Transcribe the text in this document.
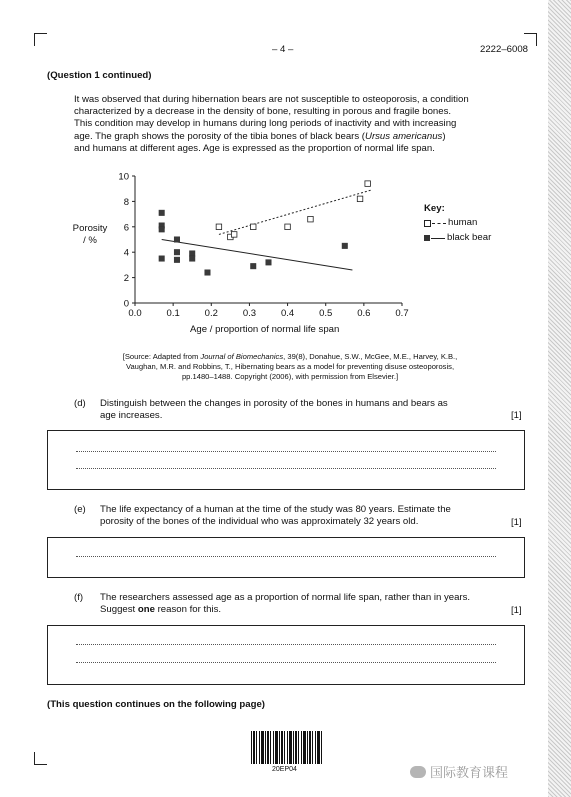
– 4 –	2222–6008
(Question 1 continued)
It was observed that during hibernation bears are not susceptible to osteoporosis, a condition
characterized by a decrease in the density of bone, resulting in porous and fragile bones.
This condition may develop in humans during long periods of inactivity and with increasing
age. The graph shows the porosity of the tibia bones of black bears (Ursus americanus)
and humans at different ages. Age is expressed as the proportion of normal life span.
0.0	0.1	0.2	0.3	0.4	0.5	0.6	0.7
0
2
4
6
8
10
Porosity
/ %
Age / proportion of normal life span
Key:
human
black bear
[Source: Adapted from Journal of Biomechanics, 39(8), Donahue, S.W., McGee, M.E., Harvey, K.B.,
Vaughan, M.R. and Robbins, T., Hibernating bears as a model for preventing disuse osteoporosis,
pp.1480–1488. Copyright (2006), with permission from Elsevier.]
(d) Distinguish between the changes in porosity of the bones in humans and bears as
age increases.	[1]
(e) The life expectancy of a human at the time of the study was 80 years. Estimate the
porosity of the bones of the individual who was approximately 32 years old.	[1]
(f) The researchers assessed age as a proportion of normal life span, rather than in years.
Suggest one reason for this.	[1]
(This question continues on the following page)
20EP04	国际教育课程
